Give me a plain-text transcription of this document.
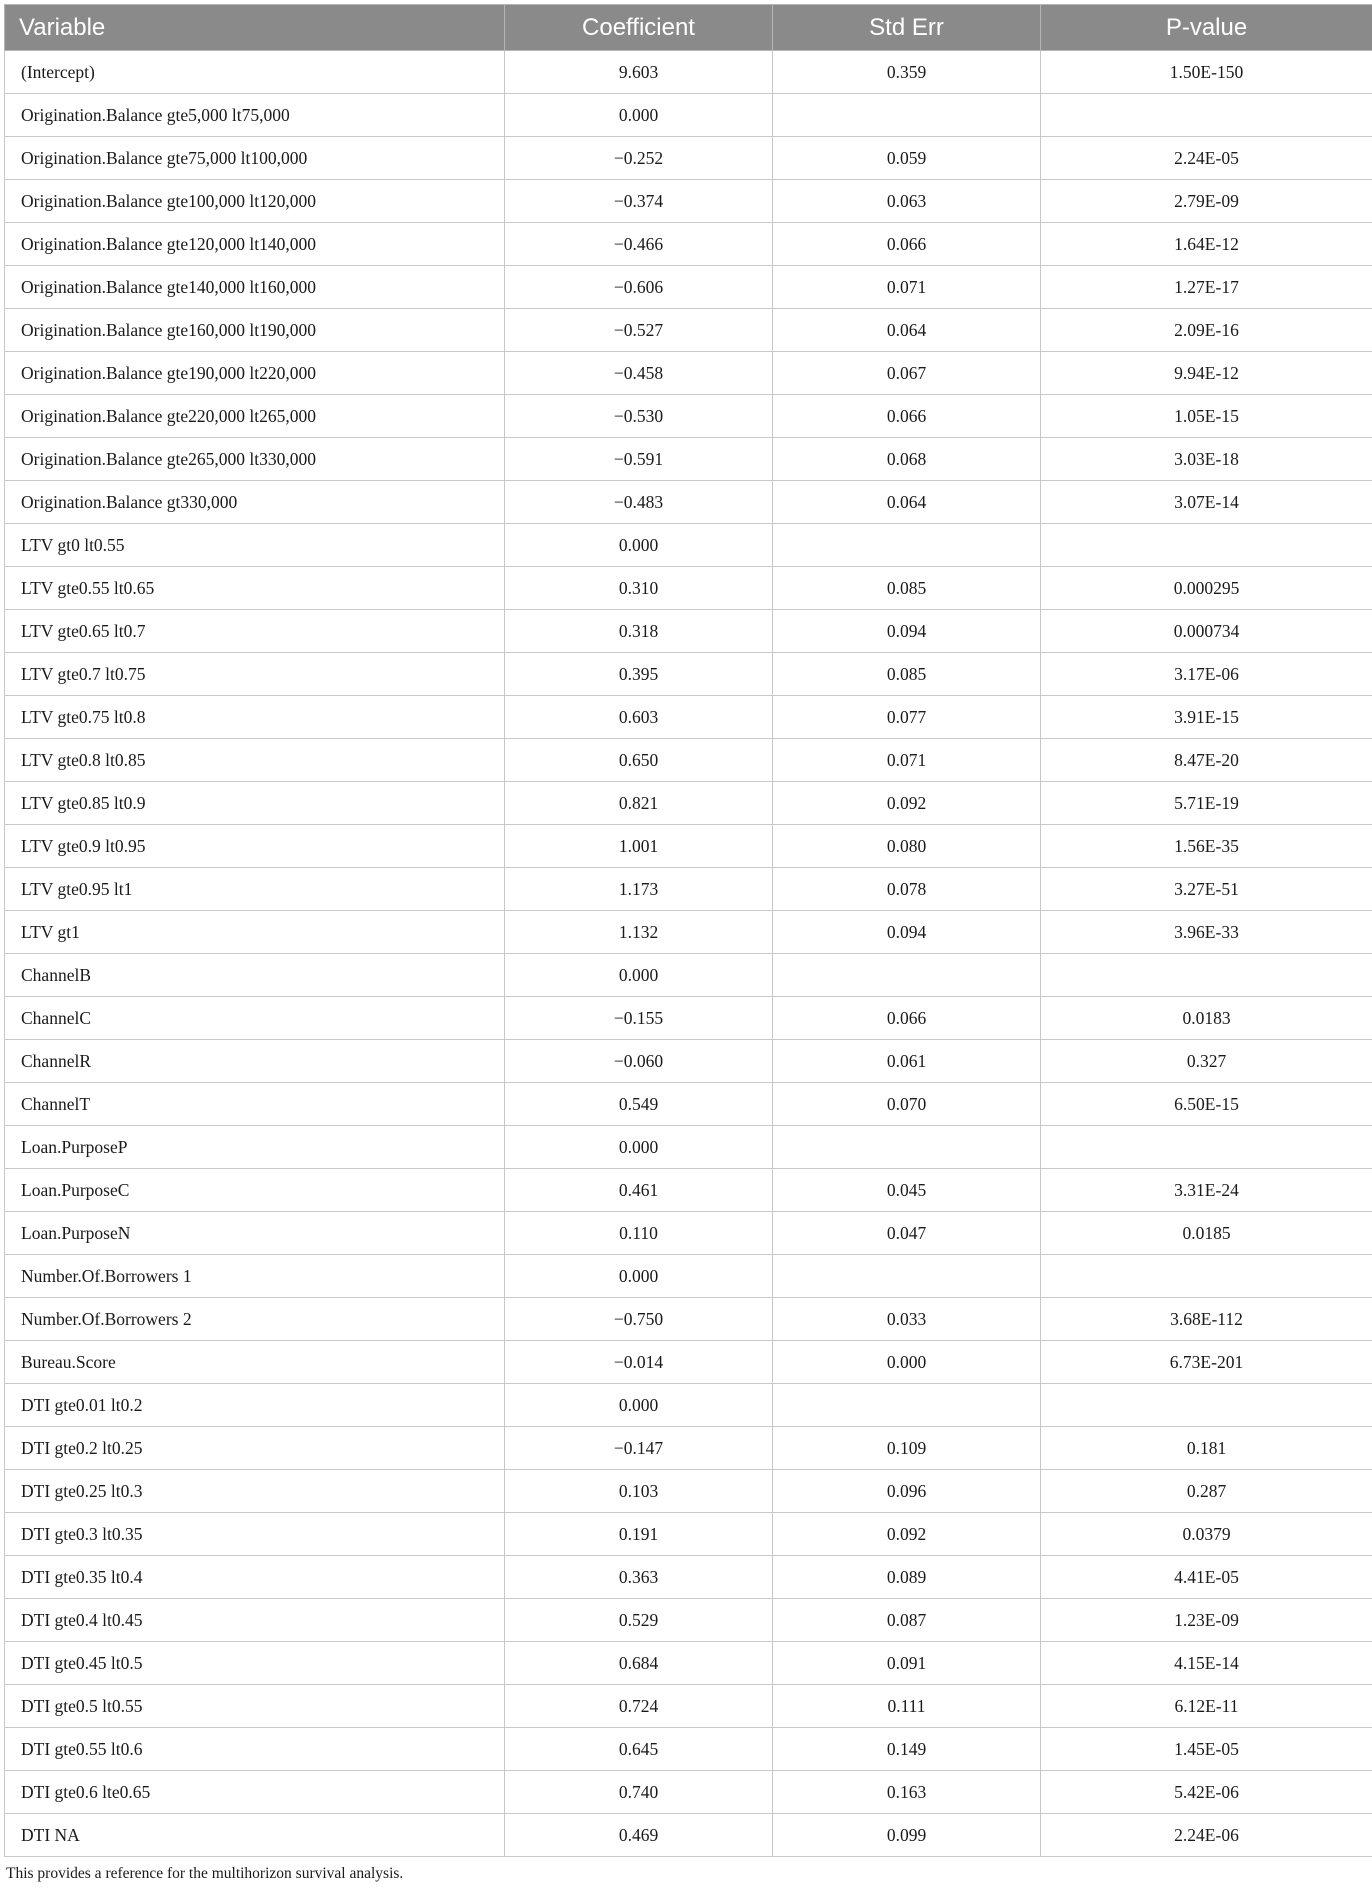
Variable	Coefficient	Std Err	P-value
(Intercept)	9.603	0.359	1.50E-150
Origination.Balance gte5,000 lt75,000	0.000		
Origination.Balance gte75,000 lt100,000	−0.252	0.059	2.24E-05
Origination.Balance gte100,000 lt120,000	−0.374	0.063	2.79E-09
Origination.Balance gte120,000 lt140,000	−0.466	0.066	1.64E-12
Origination.Balance gte140,000 lt160,000	−0.606	0.071	1.27E-17
Origination.Balance gte160,000 lt190,000	−0.527	0.064	2.09E-16
Origination.Balance gte190,000 lt220,000	−0.458	0.067	9.94E-12
Origination.Balance gte220,000 lt265,000	−0.530	0.066	1.05E-15
Origination.Balance gte265,000 lt330,000	−0.591	0.068	3.03E-18
Origination.Balance gt330,000	−0.483	0.064	3.07E-14
LTV gt0 lt0.55	0.000		
LTV gte0.55 lt0.65	0.310	0.085	0.000295
LTV gte0.65 lt0.7	0.318	0.094	0.000734
LTV gte0.7 lt0.75	0.395	0.085	3.17E-06
LTV gte0.75 lt0.8	0.603	0.077	3.91E-15
LTV gte0.8 lt0.85	0.650	0.071	8.47E-20
LTV gte0.85 lt0.9	0.821	0.092	5.71E-19
LTV gte0.9 lt0.95	1.001	0.080	1.56E-35
LTV gte0.95 lt1	1.173	0.078	3.27E-51
LTV gt1	1.132	0.094	3.96E-33
ChannelB	0.000		
ChannelC	−0.155	0.066	0.0183
ChannelR	−0.060	0.061	0.327
ChannelT	0.549	0.070	6.50E-15
Loan.PurposeP	0.000		
Loan.PurposeC	0.461	0.045	3.31E-24
Loan.PurposeN	0.110	0.047	0.0185
Number.Of.Borrowers 1	0.000		
Number.Of.Borrowers 2	−0.750	0.033	3.68E-112
Bureau.Score	−0.014	0.000	6.73E-201
DTI gte0.01 lt0.2	0.000		
DTI gte0.2 lt0.25	−0.147	0.109	0.181
DTI gte0.25 lt0.3	0.103	0.096	0.287
DTI gte0.3 lt0.35	0.191	0.092	0.0379
DTI gte0.35 lt0.4	0.363	0.089	4.41E-05
DTI gte0.4 lt0.45	0.529	0.087	1.23E-09
DTI gte0.45 lt0.5	0.684	0.091	4.15E-14
DTI gte0.5 lt0.55	0.724	0.111	6.12E-11
DTI gte0.55 lt0.6	0.645	0.149	1.45E-05
DTI gte0.6 lte0.65	0.740	0.163	5.42E-06
DTI NA	0.469	0.099	2.24E-06
This provides a reference for the multihorizon survival analysis.
